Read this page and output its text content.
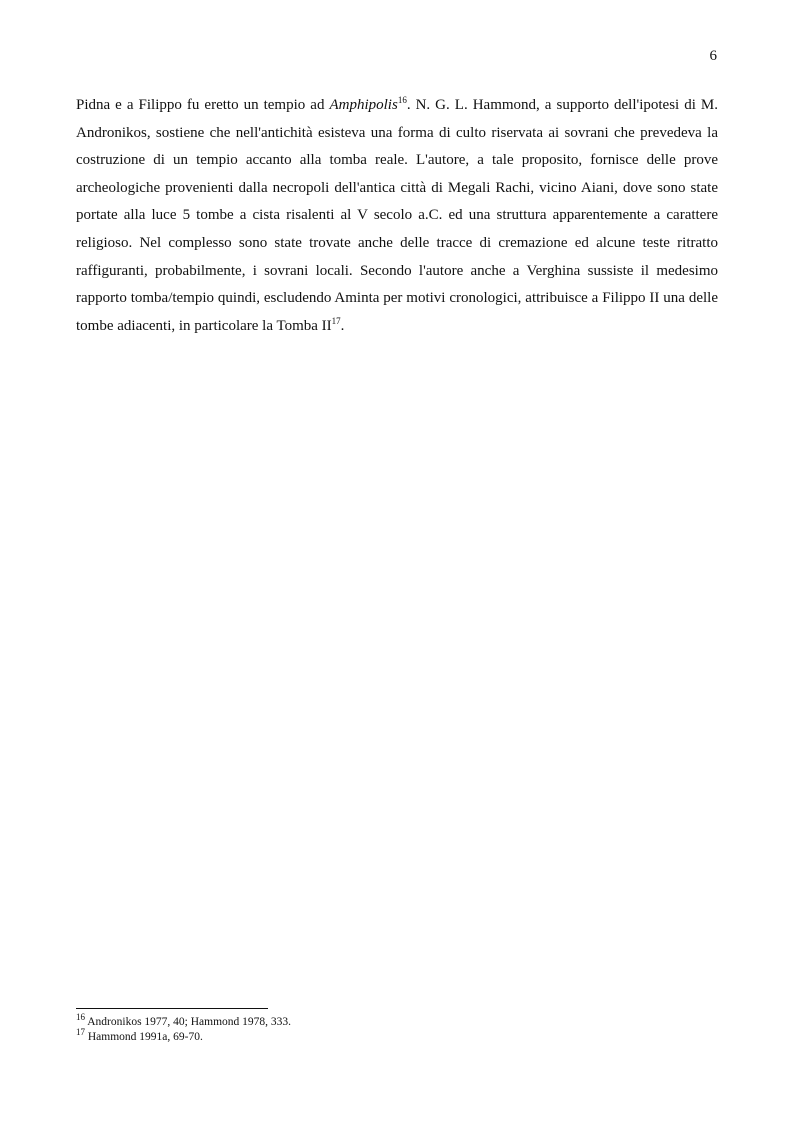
6

Pidna e a Filippo fu eretto un tempio ad Amphipolis$^{16}$. N. G. L. Hammond, a supporto dell'ipotesi di M. Andronikos, sostiene che nell'antichità esisteva una forma di culto riservata ai sovrani che prevedeva la costruzione di un tempio accanto alla tomba reale. L'autore, a tale proposito, fornisce delle prove archeologiche provenienti dalla necropoli dell'antica città di Megali Rachi, vicino Aiani, dove sono state portate alla luce 5 tombe a cista risalenti al V secolo a.C. ed una struttura apparentemente a carattere religioso. Nel complesso sono state trovate anche delle tracce di cremazione ed alcune teste ritratto raffiguranti, probabilmente, i sovrani locali. Secondo l'autore anche a Verghina sussiste il medesimo rapporto tomba/tempio quindi, escludendo Aminta per motivi cronologici, attribuisce a Filippo II una delle tombe adiacenti, in particolare la Tomba II$^{17}$.

$^{16}$ Andronikos 1977, 40; Hammond 1978, 333.

$^{17}$ Hammond 1991a, 69-70.
